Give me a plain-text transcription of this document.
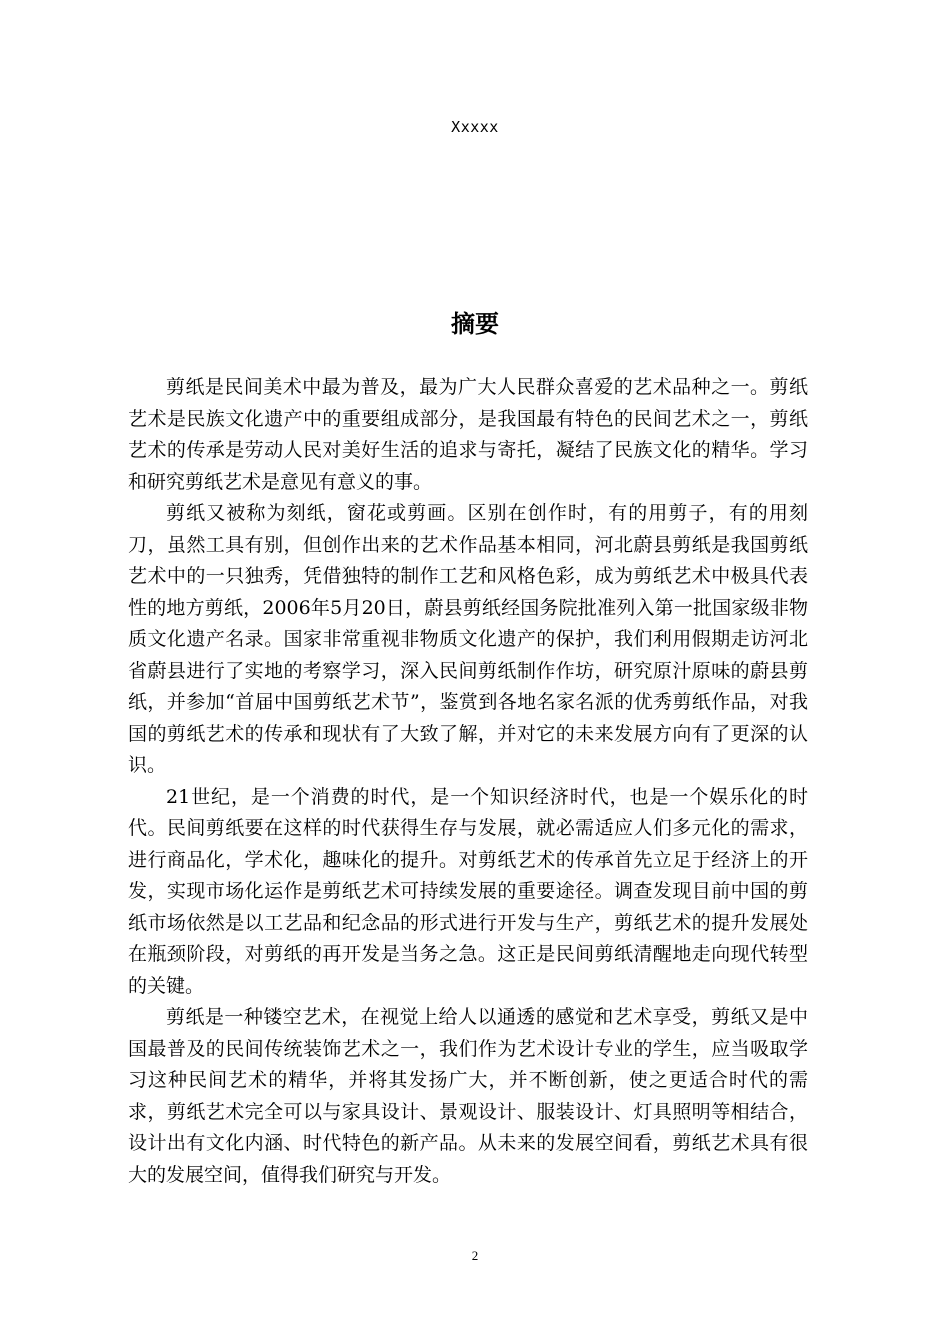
Xxxxx
摘要

剪纸是民间美术中最为普及，最为广大人民群众喜爱的艺术品种之一。剪纸艺术是民族文化遗产中的重要组成部分，是我国最有特色的民间艺术之一，剪纸艺术的传承是劳动人民对美好生活的追求与寄托，凝结了民族文化的精华。学习和研究剪纸艺术是意见有意义的事。

剪纸又被称为刻纸，窗花或剪画。区别在创作时，有的用剪子，有的用刻刀，虽然工具有别，但创作出来的艺术作品基本相同，河北蔚县剪纸是我国剪纸艺术中的一只独秀，凭借独特的制作工艺和风格色彩，成为剪纸艺术中极具代表性的地方剪纸，2006年5月20日，蔚县剪纸经国务院批准列入第一批国家级非物质文化遗产名录。国家非常重视非物质文化遗产的保护，我们利用假期走访河北省蔚县进行了实地的考察学习，深入民间剪纸制作作坊，研究原汁原味的蔚县剪纸，并参加“首届中国剪纸艺术节”，鉴赏到各地名家名派的优秀剪纸作品，对我国的剪纸艺术的传承和现状有了大致了解，并对它的未来发展方向有了更深的认识。

21世纪，是一个消费的时代，是一个知识经济时代，也是一个娱乐化的时代。民间剪纸要在这样的时代获得生存与发展，就必需适应人们多元化的需求，进行商品化，学术化，趣味化的提升。对剪纸艺术的传承首先立足于经济上的开发，实现市场化运作是剪纸艺术可持续发展的重要途径。调查发现目前中国的剪纸市场依然是以工艺品和纪念品的形式进行开发与生产，剪纸艺术的提升发展处在瓶颈阶段，对剪纸的再开发是当务之急。这正是民间剪纸清醒地走向现代转型的关键。

剪纸是一种镂空艺术，在视觉上给人以通透的感觉和艺术享受，剪纸又是中国最普及的民间传统装饰艺术之一，我们作为艺术设计专业的学生，应当吸取学习这种民间艺术的精华，并将其发扬广大，并不断创新，使之更适合时代的需求，剪纸艺术完全可以与家具设计、景观设计、服装设计、灯具照明等相结合，设计出有文化内涵、时代特色的新产品。从未来的发展空间看，剪纸艺术具有很大的发展空间，值得我们研究与开发。

2
